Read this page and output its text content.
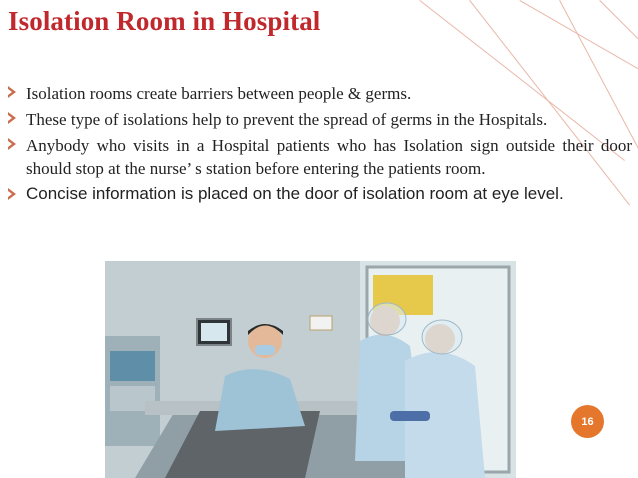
Isolation Room in Hospital
Isolation rooms create barriers between people & germs.
These type of isolations help to prevent the spread of germs in the Hospitals.
Anybody who visits in a Hospital patients who has Isolation sign outside their door should stop at the nurse’ s station before entering the patients room.
Concise information is placed on the door of isolation room at eye level.
16
